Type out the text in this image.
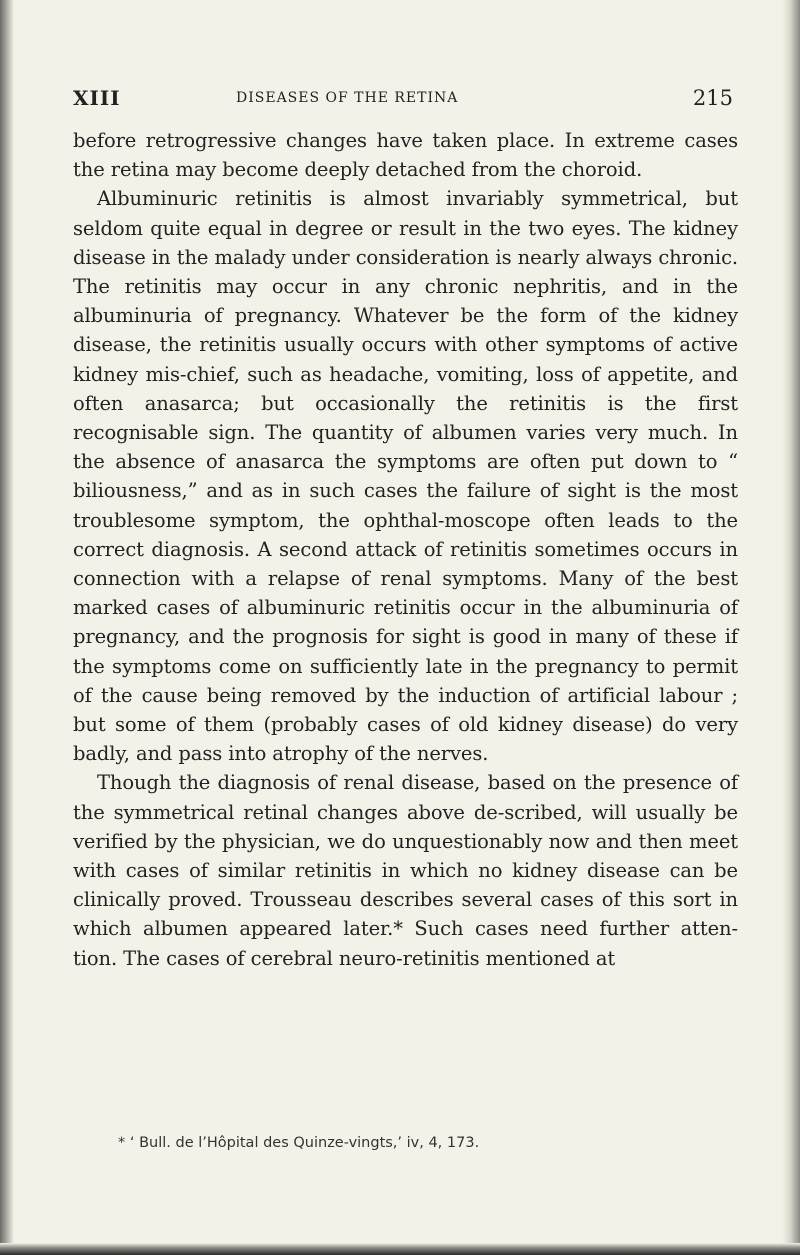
XIII	DISEASES OF THE RETINA	215

before retrogressive changes have taken place. In extreme cases the retina may become deeply detached from the choroid.

Albuminuric retinitis is almost invariably symmetrical, but seldom quite equal in degree or result in the two eyes. The kidney disease in the malady under consideration is nearly always chronic. The retinitis may occur in any chronic nephritis, and in the albuminuria of pregnancy. Whatever be the form of the kidney disease, the retinitis usually occurs with other symptoms of active kidney mis-chief, such as headache, vomiting, loss of appetite, and often anasarca; but occasionally the retinitis is the first recognisable sign. The quantity of albumen varies very much. In the absence of anasarca the symptoms are often put down to “ biliousness,” and as in such cases the failure of sight is the most troublesome symptom, the ophthal-moscope often leads to the correct diagnosis. A second attack of retinitis sometimes occurs in connection with a relapse of renal symptoms. Many of the best marked cases of albuminuric retinitis occur in the albuminuria of pregnancy, and the prognosis for sight is good in many of these if the symptoms come on sufficiently late in the pregnancy to permit of the cause being removed by the induction of artificial labour ; but some of them (probably cases of old kidney disease) do very badly, and pass into atrophy of the nerves.

Though the diagnosis of renal disease, based on the presence of the symmetrical retinal changes above de-scribed, will usually be verified by the physician, we do unquestionably now and then meet with cases of similar retinitis in which no kidney disease can be clinically proved. Trousseau describes several cases of this sort in which albumen appeared later.* Such cases need further atten-tion. The cases of cerebral neuro-retinitis mentioned at

* ‘ Bull. de l’Hôpital des Quinze-vingts,’ iv, 4, 173.
